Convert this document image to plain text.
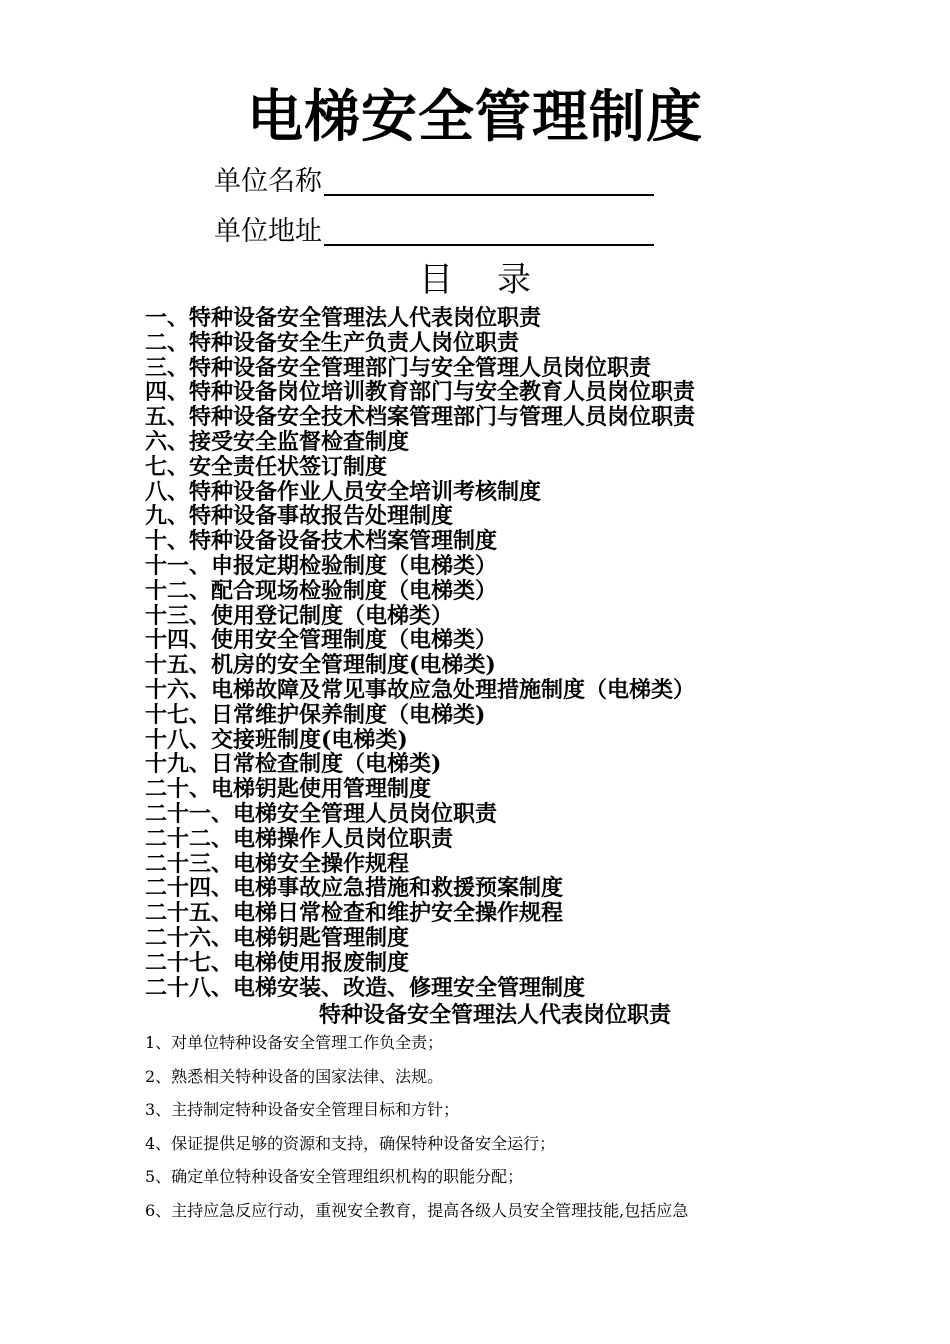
电梯安全管理制度
单位名称
单位地址
目录
一、特种设备安全管理法人代表岗位职责
二、特种设备安全生产负责人岗位职责
三、特种设备安全管理部门与安全管理人员岗位职责
四、特种设备岗位培训教育部门与安全教育人员岗位职责
五、特种设备安全技术档案管理部门与管理人员岗位职责
六、接受安全监督检查制度
七、安全责任状签订制度
八、特种设备作业人员安全培训考核制度
九、特种设备事故报告处理制度
十、特种设备设备技术档案管理制度
十一、申报定期检验制度（电梯类）
十二、配合现场检验制度（电梯类）
十三、使用登记制度（电梯类）
十四、使用安全管理制度（电梯类）
十五、机房的安全管理制度(电梯类)
十六、电梯故障及常见事故应急处理措施制度（电梯类）
十七、日常维护保养制度（电梯类)
十八、交接班制度(电梯类)
十九、日常检查制度（电梯类)
二十、电梯钥匙使用管理制度
二十一、电梯安全管理人员岗位职责
二十二、电梯操作人员岗位职责
二十三、电梯安全操作规程
二十四、电梯事故应急措施和救援预案制度
二十五、电梯日常检查和维护安全操作规程
二十六、电梯钥匙管理制度
二十七、电梯使用报废制度
二十八、电梯安装、改造、修理安全管理制度
特种设备安全管理法人代表岗位职责
1、对单位特种设备安全管理工作负全责；
2、熟悉相关特种设备的国家法律、法规。
3、主持制定特种设备安全管理目标和方针；
4、保证提供足够的资源和支持，确保特种设备安全运行；
5、确定单位特种设备安全管理组织机构的职能分配；
6、主持应急反应行动，重视安全教育，提高各级人员安全管理技能,包括应急
